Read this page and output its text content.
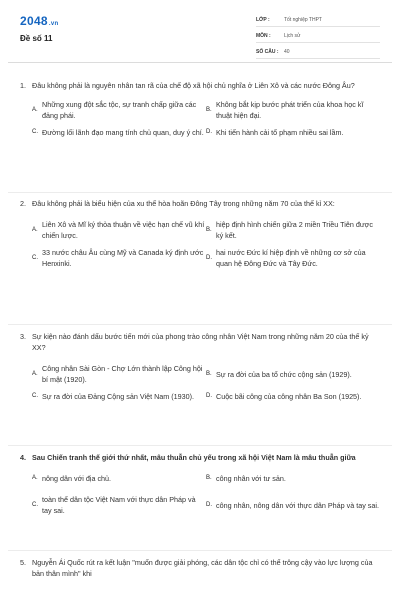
2048.vn
Đề số 11
LỚP :	Tốt nghiệp THPT
MÔN :	Lịch sử
SỐ CÂU :	40
1. Đâu không phải là nguyên nhân tan rã của chế độ xã hội chủ nghĩa ở Liên Xô và các nước Đông Âu?
A.
Những xung đột sắc tộc, sự tranh chấp giữa các đảng phái.
B.
Không bắt kịp bước phát triển của khoa học kĩ thuật hiện đại.
C. Đường lối lãnh đạo mang tính chủ quan, duy ý chí. D. Khi tiến hành cải tổ phạm nhiều sai lầm.
2. Đâu không phải là biểu hiện của xu thế hòa hoãn Đông Tây trong những năm 70 của thế kỉ XX:
A.
Liên Xô và Mĩ ký thỏa thuận về việc hạn chế vũ khí chiến lược.
B.
hiệp định hình chiến giữa 2 miền Triều Tiên được ký kết.
C.
33 nước châu Âu cùng Mỹ và Canada ký định ước Henxinki.
D.
hai nước Đức kí hiệp định về những cơ sở của quan hệ Đông Đức và Tây Đức.
3. Sự kiện nào đánh dấu bước tiến mới của phong trào công nhân Việt Nam trong những năm 20 của thế kỷ XX?
A.
Công nhân Sài Gòn - Chợ Lớn thành lập Công hội bí mật (1920).
B. Sự ra đời của ba tổ chức cộng sản (1929).
C. Sự ra đời của Đảng Cộng sản Việt Nam (1930).	D. Cuộc bãi công của công nhân Ba Son (1925).
4. Sau Chiến tranh thế giới thứ nhất, mâu thuẫn chủ yếu trong xã hội Việt Nam là mâu thuẫn giữa
A. nông dân với địa chủ.	B. công nhân với tư sản.
C.
toàn thể dân tộc Việt Nam với thực dân Pháp và tay sai.
D. công nhân, nông dân với thực dân Pháp và tay sai.
5. Nguyễn Ái Quốc rút ra kết luận "muốn được giải phóng, các dân tộc chỉ có thể trông cậy vào lực lượng của bản thân mình" khi
